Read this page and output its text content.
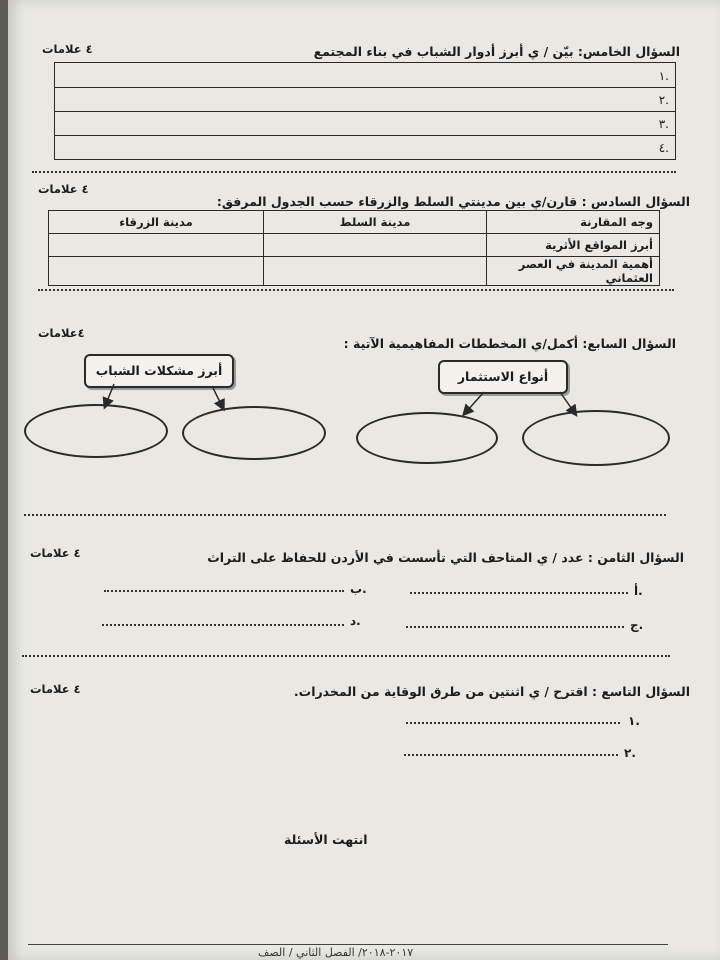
السؤال الخامس: بيّن / ي أبرز أدوار الشباب في بناء المجتمع
٤ علامات
١.
٢.
٣.
٤.
٤ علامات
السؤال السادس : قارن/ي بين مدينتي السلط والزرقاء حسب الجدول المرفق:
وجه المقارنة	مدينة السلط	مدينة الزرقاء
أبرز المواقع الأثرية		
أهمية المدينة في العصر العثماني		
٤علامات
السؤال السابع: أكمل/ي المخططات المفاهيمية الآتية :
أنواع الاستثمار
أبرز مشكلات الشباب
٤ علامات	السؤال الثامن : عدد / ي المتاحف التي تأسست في الأردن للحفاظ على التراث
أ.
ب.
ج.
د.
٤ علامات	السؤال التاسع : اقترح / ي اثنتين من طرق الوقاية من المخدرات.
١.
٢.
انتهت الأسئلة
٢٠١٧-٢٠١٨/ الفصل الثاني / الصف
